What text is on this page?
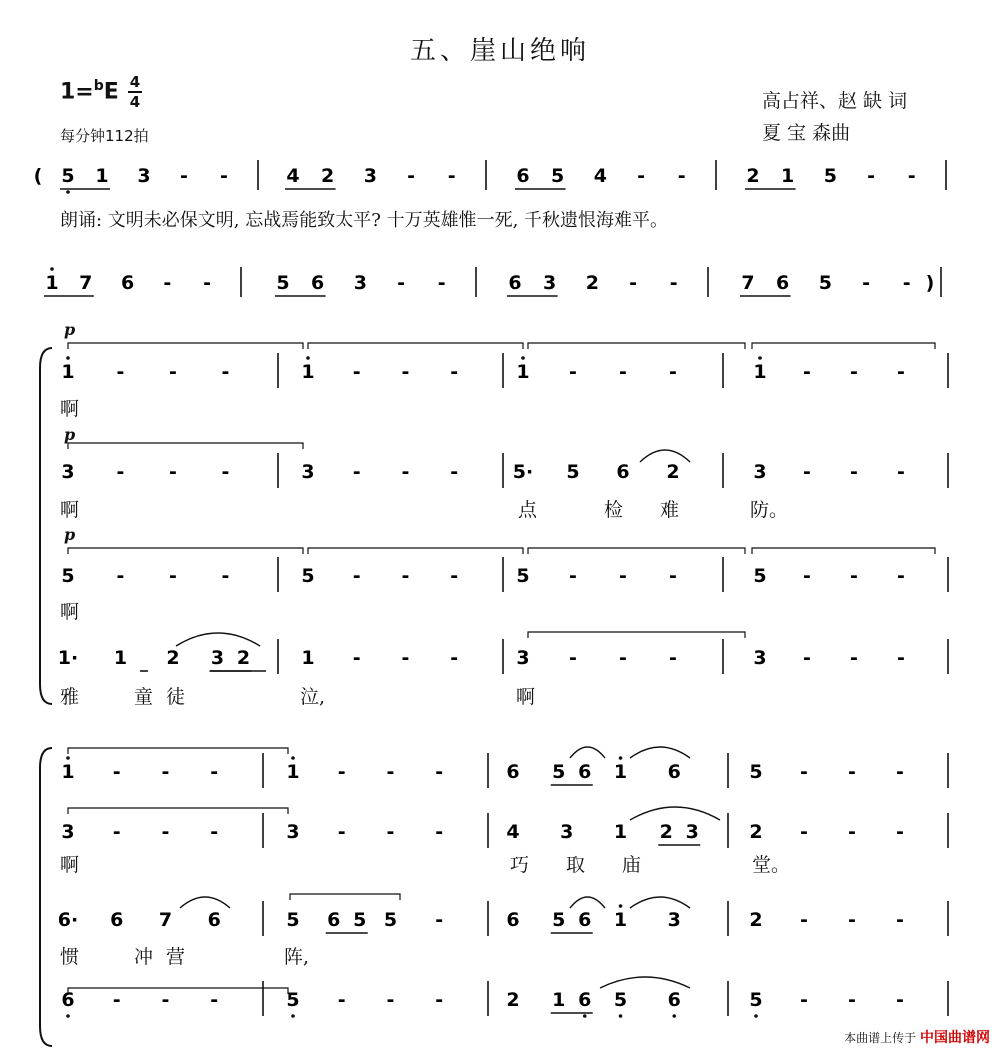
五、崖山绝响
1=$^b$E 4
4
每分钟112拍
高占祥、赵 缺 词
夏 宝 森曲
朗诵: 文明未必保文明, 忘战焉能致太平? 十万英雄惟一死, 千秋遗恨海难平。
p
p
p
啊
啊	点	检 难	防。
啊
雅	童 徒	泣,	啊
啊	巧 取 庙	堂。
惯	冲 营	阵,
( 5 1 3 - -	4 2 3 - -	6 5 4 - -	2 1 5 - -
1 7 6 - -	5 6 3 - -	6 3 2 - -	7 6 5 - - )
1 - - -	1 - - -	1 - - -	1 - - -
3 - - -	3 - - -	5· 5 6 2	3 - - -
5 - - -	5 - - -	5 - - -	5 - - -
1· 1 2 3 2	1 - - -	3 - - -	3 - - -
1 - - -	1 - - -	6 5 6 1 6	5 - - -
3 - - -	3 - - -	4 3 1 2 3	2 - - -
6· 6 7 6	5 6 5 5 -	6 5 6 1 3	2 - - -
6 - - -	5 - - -	2 1 6 5 6	5 - - -
本曲谱上传于 中国曲谱网
